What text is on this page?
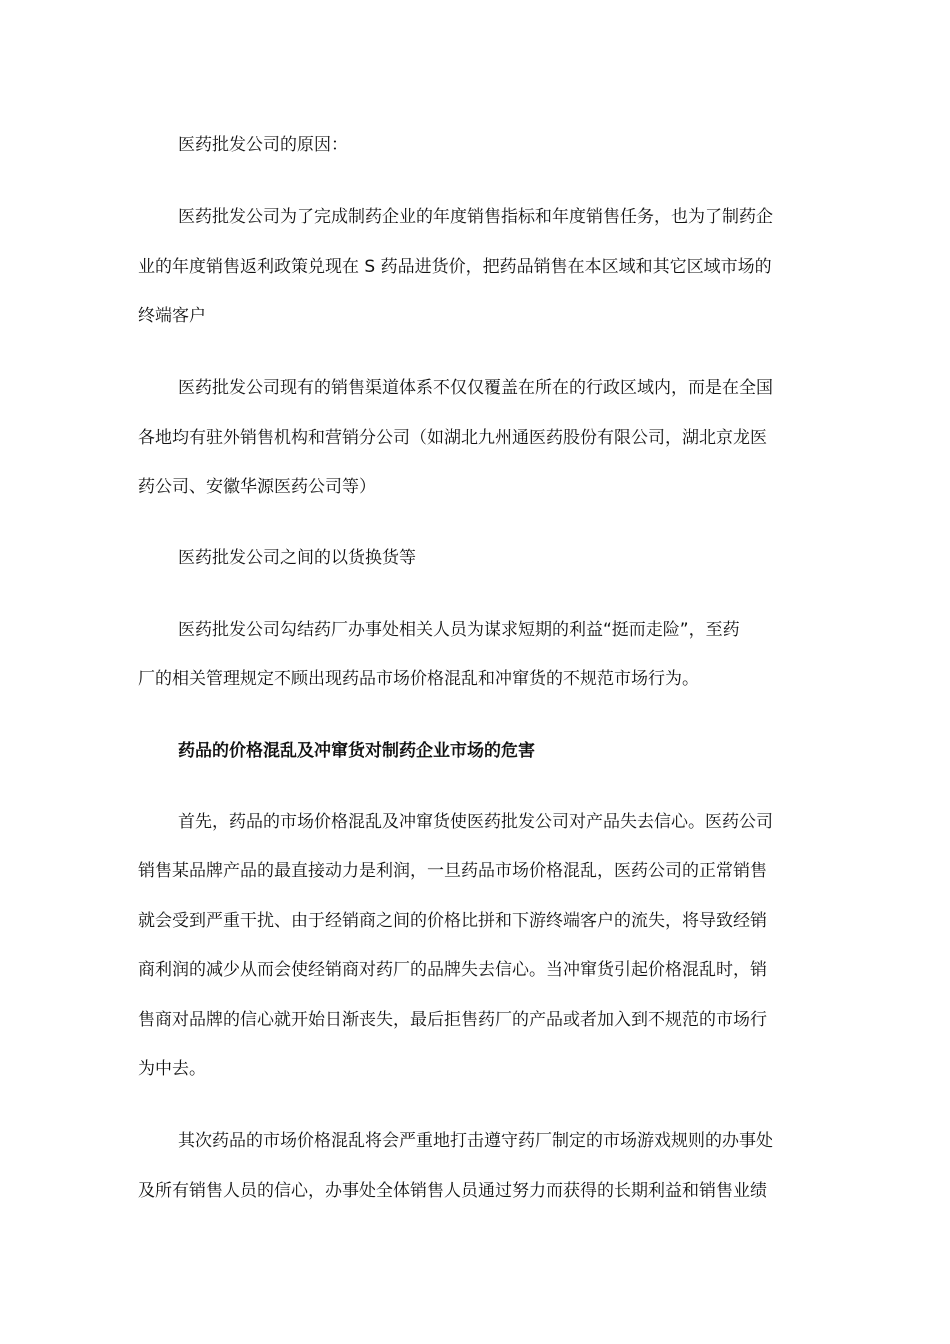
医药批发公司的原因：
医药批发公司为了完成制药企业的年度销售指标和年度销售任务，也为了制药企
业的年度销售返利政策兑现在 S 药品进货价，把药品销售在本区域和其它区域市场的
终端客户
医药批发公司现有的销售渠道体系不仅仅覆盖在所在的行政区域内，而是在全国
各地均有驻外销售机构和营销分公司（如湖北九州通医药股份有限公司，湖北京龙医
药公司、安徽华源医药公司等）
医药批发公司之间的以货换货等
医药批发公司勾结药厂办事处相关人员为谋求短期的利益“挺而走险”，至药
厂的相关管理规定不顾出现药品市场价格混乱和冲窜货的不规范市场行为。
药品的价格混乱及冲窜货对制药企业市场的危害
首先，药品的市场价格混乱及冲窜货使医药批发公司对产品失去信心。医药公司
销售某品牌产品的最直接动力是利润，一旦药品市场价格混乱，医药公司的正常销售
就会受到严重干扰、由于经销商之间的价格比拼和下游终端客户的流失，将导致经销
商利润的减少从而会使经销商对药厂的品牌失去信心。当冲窜货引起价格混乱时，销
售商对品牌的信心就开始日渐丧失，最后拒售药厂的产品或者加入到不规范的市场行
为中去。
其次药品的市场价格混乱将会严重地打击遵守药厂制定的市场游戏规则的办事处
及所有销售人员的信心，办事处全体销售人员通过努力而获得的长期利益和销售业绩
